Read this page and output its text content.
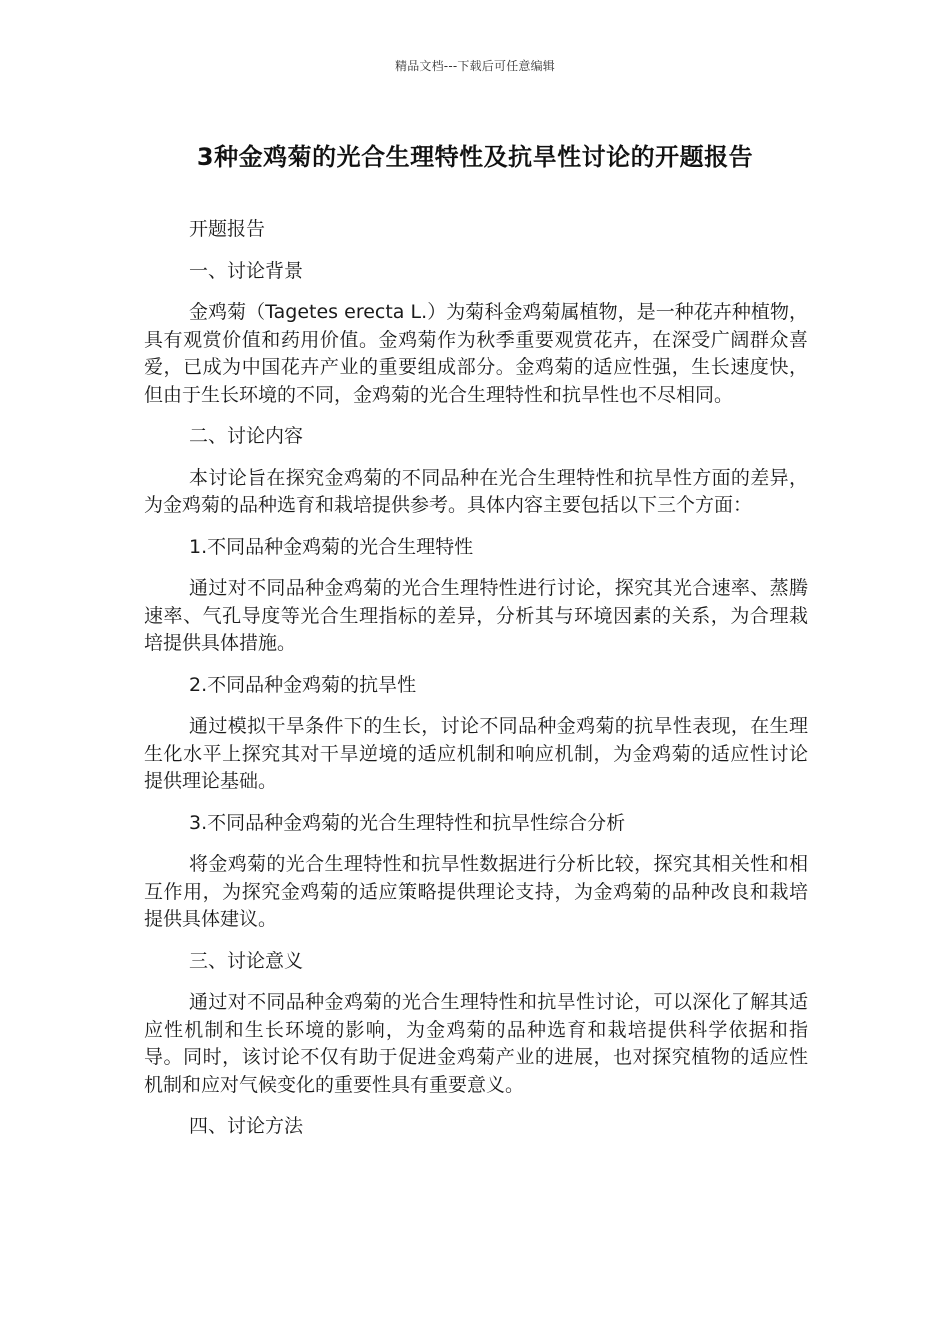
精品文档---下载后可任意编辑
3种金鸡菊的光合生理特性及抗旱性讨论的开题报告

开题报告

一、讨论背景

金鸡菊（Tagetes erecta L.）为菊科金鸡菊属植物，是一种花卉种植物，具有观赏价值和药用价值。金鸡菊作为秋季重要观赏花卉，在深受广阔群众喜爱，已成为中国花卉产业的重要组成部分。金鸡菊的适应性强，生长速度快，但由于生长环境的不同，金鸡菊的光合生理特性和抗旱性也不尽相同。

二、讨论内容

本讨论旨在探究金鸡菊的不同品种在光合生理特性和抗旱性方面的差异，为金鸡菊的品种选育和栽培提供参考。具体内容主要包括以下三个方面：

1.不同品种金鸡菊的光合生理特性

通过对不同品种金鸡菊的光合生理特性进行讨论，探究其光合速率、蒸腾速率、气孔导度等光合生理指标的差异，分析其与环境因素的关系，为合理栽培提供具体措施。

2.不同品种金鸡菊的抗旱性

通过模拟干旱条件下的生长，讨论不同品种金鸡菊的抗旱性表现，在生理生化水平上探究其对干旱逆境的适应机制和响应机制，为金鸡菊的适应性讨论提供理论基础。

3.不同品种金鸡菊的光合生理特性和抗旱性综合分析

将金鸡菊的光合生理特性和抗旱性数据进行分析比较，探究其相关性和相互作用，为探究金鸡菊的适应策略提供理论支持，为金鸡菊的品种改良和栽培提供具体建议。

三、讨论意义

通过对不同品种金鸡菊的光合生理特性和抗旱性讨论，可以深化了解其适应性机制和生长环境的影响，为金鸡菊的品种选育和栽培提供科学依据和指导。同时，该讨论不仅有助于促进金鸡菊产业的进展，也对探究植物的适应性机制和应对气候变化的重要性具有重要意义。

四、讨论方法
